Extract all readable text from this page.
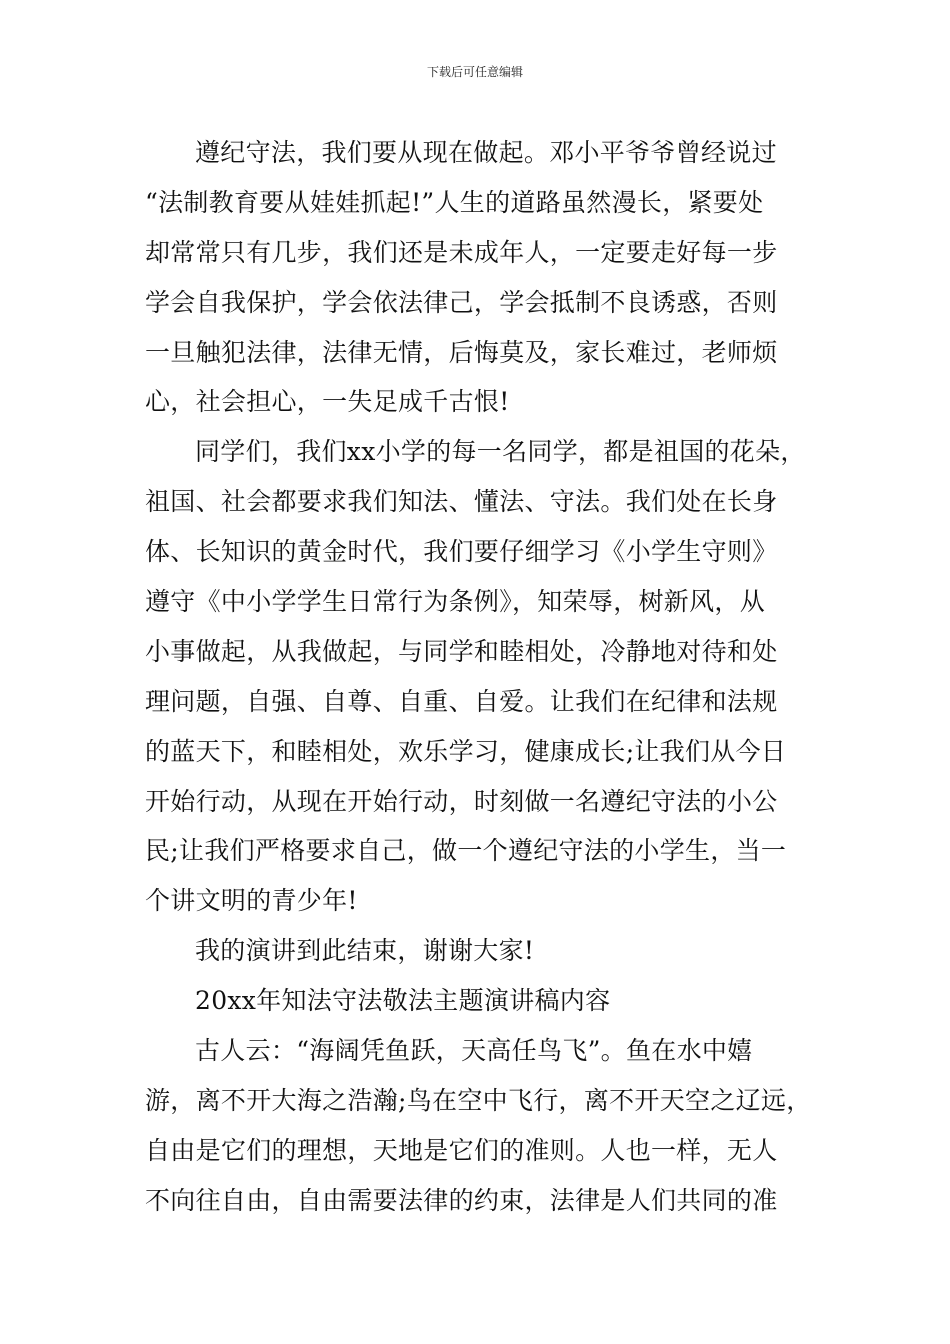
下载后可任意编辑
遵纪守法，我们要从现在做起。邓小平爷爷曾经说过
“法制教育要从娃娃抓起!”人生的道路虽然漫长，紧要处
却常常只有几步，我们还是未成年人，一定要走好每一步
学会自我保护，学会依法律己，学会抵制不良诱惑，否则
一旦触犯法律，法律无情，后悔莫及，家长难过，老师烦
心，社会担心，一失足成千古恨!
同学们，我们xx小学的每一名同学，都是祖国的花朵，
祖国、社会都要求我们知法、懂法、守法。我们处在长身
体、长知识的黄金时代，我们要仔细学习《小学生守则》
遵守《中小学学生日常行为条例》，知荣辱，树新风，从
小事做起，从我做起，与同学和睦相处，冷静地对待和处
理问题，自强、自尊、自重、自爱。让我们在纪律和法规
的蓝天下，和睦相处，欢乐学习，健康成长;让我们从今日
开始行动，从现在开始行动，时刻做一名遵纪守法的小公
民;让我们严格要求自己，做一个遵纪守法的小学生，当一
个讲文明的青少年!
我的演讲到此结束，谢谢大家!
20xx年知法守法敬法主题演讲稿内容
古人云：“海阔凭鱼跃，天高任鸟飞”。鱼在水中嬉
游，离不开大海之浩瀚;鸟在空中飞行，离不开天空之辽远，
自由是它们的理想，天地是它们的准则。人也一样，无人
不向往自由，自由需要法律的约束，法律是人们共同的准
